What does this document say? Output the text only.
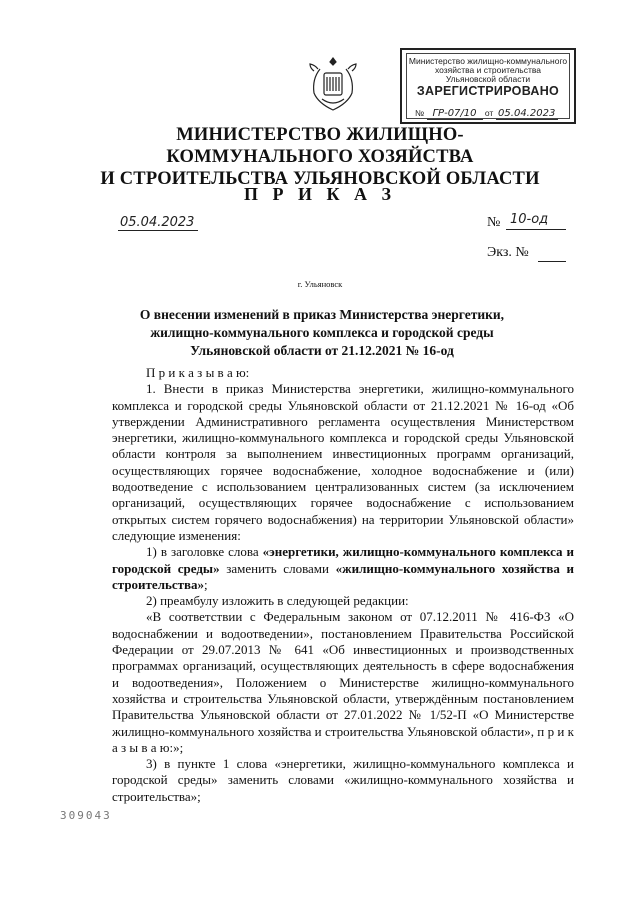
Министерство жилищно-коммунального
хозяйства и строительства
Ульяновской области
ЗАРЕГИСТРИРОВАНО
№ ГР-07/10 от 05.04.2023
МИНИСТЕРСТВО ЖИЛИЩНО-КОММУНАЛЬНОГО ХОЗЯЙСТВА
И СТРОИТЕЛЬСТВА УЛЬЯНОВСКОЙ ОБЛАСТИ
П Р И К А З
05.04.2023	№ 10-од
Экз. №
г. Ульяновск
О внесении изменений в приказ Министерства энергетики, жилищно-коммунального комплекса и городской среды Ульяновской области от 21.12.2021 № 16-од

П р и к а з ы в а ю:

1. Внести в приказ Министерства энергетики, жилищно-коммунального комплекса и городской среды Ульяновской области от 21.12.2021 № 16-од «Об утверждении Административного регламента осуществления Министерством энергетики, жилищно-коммунального комплекса и городской среды Ульяновской области контроля за выполнением инвестиционных программ организаций, осуществляющих горячее водоснабжение, холодное водоснабжение и (или) водоотведение с использованием централизованных систем (за исключением организаций, осуществляющих горячее водоснабжение с использованием открытых систем горячего водоснабжения) на территории Ульяновской области» следующие изменения:

1) в заголовке слова «энергетики, жилищно-коммунального комплекса и городской среды» заменить словами «жилищно-коммунального хозяйства и строительства»;

2) преамбулу изложить в следующей редакции:

«В соответствии с Федеральным законом от 07.12.2011 № 416-ФЗ «О водоснабжении и водоотведении», постановлением Правительства Российской Федерации от 29.07.2013 № 641 «Об инвестиционных и производственных программах организаций, осуществляющих деятельность в сфере водоснабжения и водоотведения», Положением о Министерстве жилищно-коммунального хозяйства и строительства Ульяновской области, утверждённым постановлением Правительства Ульяновской области от 27.01.2022 № 1/52-П «О Министерстве жилищно-коммунального хозяйства и строительства Ульяновской области», п р и к а з ы в а ю:»;

3) в пункте 1 слова «энергетики, жилищно-коммунального комплекса и городской среды» заменить словами «жилищно-коммунального хозяйства и строительства»;

309043
